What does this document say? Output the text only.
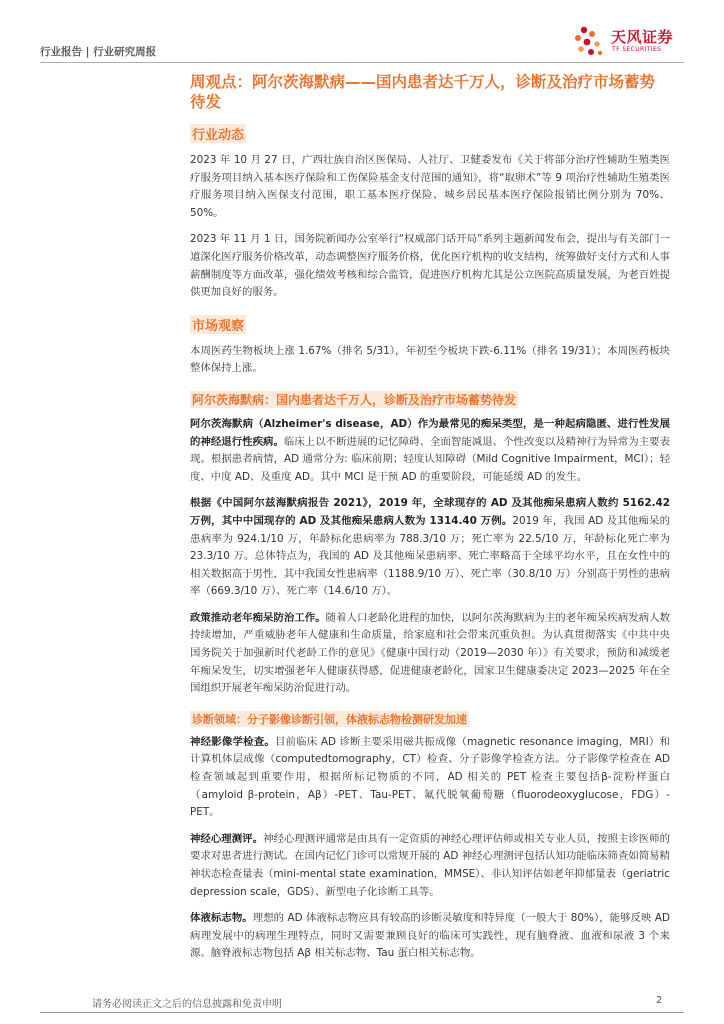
行业报告 | 行业研究周报
天风证券
TF SECURITIES
周观点：阿尔茨海默病——国内患者达千万人，诊断及治疗市场蓄势待发
行业动态

2023 年 10 月 27 日，广西壮族自治区医保局、人社厅、卫健委发布《关于将部分治疗性辅助生殖类医疗服务项目纳入基本医疗保险和工伤保险基金支付范围的通知》，将“取卵术”等 9 项治疗性辅助生殖类医疗服务项目纳入医保支付范围，职工基本医疗保险、城乡居民基本医疗保险报销比例分别为 70%、50%。

2023 年 11 月 1 日，国务院新闻办公室举行“权威部门话开局”系列主题新闻发布会，提出与有关部门一道深化医疗服务价格改革，动态调整医疗服务价格，优化医疗机构的收支结构，统筹做好支付方式和人事薪酬制度等方面改革，强化绩效考核和综合监管，促进医疗机构尤其是公立医院高质量发展，为老百姓提供更加良好的服务。

市场观察

本周医药生物板块上涨 1.67%（排名 5/31），年初至今板块下跌-6.11%（排名 19/31）；本周医药板块整体保持上涨。

阿尔茨海默病：国内患者达千万人，诊断及治疗市场蓄势待发

阿尔茨海默病（Alzheimer's disease，AD）作为最常见的痴呆类型，是一种起病隐匿、进行性发展的神经退行性疾病。临床上以不断进展的记忆障碍、全面智能减退、个性改变以及精神行为异常为主要表现。根据患者病情，AD 通常分为: 临床前期；轻度认知障碍（Mild Cognitive Impairment，MCI）；轻度、中度 AD、及重度 AD。其中 MCI 是干预 AD 的重要阶段，可能延缓 AD 的发生。

根据《中国阿尔兹海默病报告 2021》，2019 年，全球现存的 AD 及其他痴呆患病人数约 5162.42 万例，其中中国现存的 AD 及其他痴呆患病人数为 1314.40 万例。2019 年，我国 AD 及其他痴呆的患病率为 924.1/10 万，年龄标化患病率为 788.3/10 万；死亡率为 22.5/10 万，年龄标化死亡率为 23.3/10 万。总体特点为，我国的 AD 及其他痴呆患病率、死亡率略高于全球平均水平，且在女性中的相关数据高于男性，其中我国女性患病率（1188.9/10 万）、死亡率（30.8/10 万）分别高于男性的患病率（669.3/10 万）、死亡率（14.6/10 万）。

政策推动老年痴呆防治工作。随着人口老龄化进程的加快，以阿尔茨海默病为主的老年痴呆疾病发病人数持续增加，严重威胁老年人健康和生命质量，给家庭和社会带来沉重负担。为认真贯彻落实《中共中央 国务院关于加强新时代老龄工作的意见》《健康中国行动（2019—2030 年）》有关要求，预防和减缓老年痴呆发生，切实增强老年人健康获得感，促进健康老龄化，国家卫生健康委决定 2023—2025 年在全国组织开展老年痴呆防治促进行动。

诊断领域：分子影像诊断引领，体液标志物检测研发加速

神经影像学检查。目前临床 AD 诊断主要采用磁共振成像（magnetic resonance imaging，MRI）和计算机体层成像（computedtomography，CT）检查、分子影像学检查方法。分子影像学检查在 AD 检查领域起到重要作用，根据所标记物质的不同，AD 相关的 PET 检查主要包括β-淀粉样蛋白（amyloid β-protein，Aβ）-PET、Tau-PET、氟代脱氧葡萄糖（fluorodeoxyglucose，FDG）-PET。

神经心理测评。神经心理测评通常是由具有一定资质的神经心理评估师或相关专业人员，按照主诊医师的要求对患者进行测试。在国内记忆门诊可以常规开展的 AD 神经心理测评包括认知功能临床筛查如简易精神状态检查量表（mini-mental state examination，MMSE）、非认知评估如老年抑郁量表（geriatric depression scale，GDS）、新型电子化诊断工具等。

体液标志物。理想的 AD 体液标志物应具有较高的诊断灵敏度和特异度（一般大于 80%），能够反映 AD 病理发展中的病理生理特点，同时又需要兼顾良好的临床可实践性，现有脑脊液、血液和尿液 3 个来源。脑脊液标志物包括 Aβ 相关标志物、Tau 蛋白相关标志物。

请务必阅读正文之后的信息披露和免责申明	2
